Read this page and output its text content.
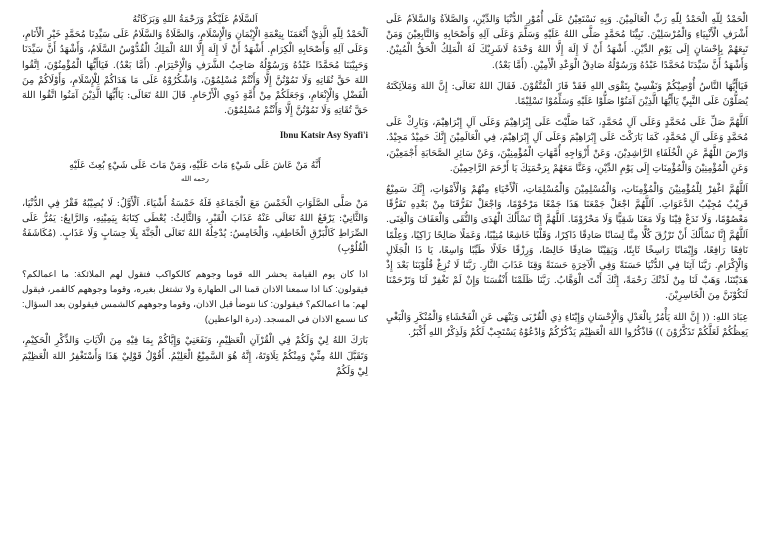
الْحَمْدُ لِلّهِ الْحَمْدُ لِلّهِ رَبِّ الْعَالَمِيْنَ. وَبِهِ نَسْتَعِيْنُ عَلَى أُمُوْرِ الدُّنْيَا وَالدِّيْنِ، وَالصَّلاَةُ وَالسَّلاَمُ عَلَى أَشْرَفِ الْأَنْبِيَاءِ وَالْمُرْسَلِيْنَ. نَبِيِّنَا مُحَمَّدٍ صَلَّى اللهُ عَلَيْهِ وَسَلَّمَ وَعَلَى آلِهِ وَأَصْحَابِهِ وَالتَّابِعِيْنَ وَمَنْ تَبِعَهُمْ بِإِحْسَانٍ إِلَى يَوْمِ الدِّيْنِ. أَشْهَدُ أَنْ لَا إِلَهَ إِلَّا اللهُ وَحْدَهُ لَاشَرِيْكَ لَهُ الْمَلِكُ الْحَقُّ الْمُبِيْنُ. وَأَشْهَدُ أَنَّ سَيِّدَنَا مُحَمَّدًا عَبْدُهُ وَرَسُوْلُهُ صَادِقُ الْوَعْدِ الْأَمِيْنِ. (أَمَّا بَعْدُ).

فَيَاأَيُّهَا النَّاسُ أُوْصِيْكُمْ وَنَفْسِيْ بِتَقْوَى اللهِ فَقَدْ فَازَ الْمُتَّقُوْنَ. فَقَالَ اللهُ تَعَالَى: إِنَّ اللهَ وَمَلاَئِكَتَهُ يُصَلُّوْنَ عَلَى النَّبِيِّ يَاأَيُّهَا الَّذِيْنَ آمَنُوْا صَلُّوْا عَلَيْهِ وَسَلِّمُوْا تَسْلِيْمًا.

اَللَّهُمَّ صَلِّ عَلَى مُحَمَّدٍ وَعَلَى آلِ مُحَمَّدٍ، كَمَا صَلَّيْتَ عَلَى إِبْرَاهِيْمَ وَعَلَى آلِ إِبْرَاهِيْمَ، وَبَارِكْ عَلَى مُحَمَّدٍ وَعَلَى آلِ مُحَمَّدٍ، كَمَا بَارَكْتَ عَلَى إِبْرَاهِيْمَ وَعَلَى آلِ إِبْرَاهِيْمَ، فِي الْعَالَمِيْنَ إِنَّكَ حَمِيْدٌ مَجِيْدٌ. وَارْضَ اللَّهُمَّ عَنِ الْخُلَفَاءِ الرَّاشِدِيْنَ، وَعَنْ أَزْوَاجِهِ أُمَّهَاتِ الْمُؤْمِنِيْنَ، وَعَنْ سَائِرِ الصَّحَابَةِ أَجْمَعِيْنَ، وَعَنِ الْمُؤْمِنِيْنَ وَالْمُؤْمِنَاتِ إِلَى يَوْمِ الدِّيْنِ، وَعَنَّا مَعَهُمْ بِرَحْمَتِكَ يَا أَرْحَمَ الرَّاحِمِيْنَ.

اَللَّهُمَّ اغْفِرْ لِلْمُؤْمِنِيْنَ وَالْمُؤْمِنَاتِ، وَالْمُسْلِمِيْنَ وَالْمُسْلِمَاتِ، اَلْأَحْيَاءِ مِنْهُمْ وَالْأَمْوَاتِ، إِنَّكَ سَمِيْعٌ قَرِيْبٌ مُجِيْبُ الدَّعَوَاتِ. اَللَّهُمَّ اجْعَلْ جَمْعَنَا هَذَا جَمْعًا مَرْحُوْمًا، وَاجْعَلْ تَفَرُّقَنَا مِنْ بَعْدِهِ تَفَرُّقًا مَعْصُوْمًا، وَلَا تَدَعْ فِيْنَا وَلَا مَعَنَا شَقِيًّا وَلَا مَحْرُوْمًا. اَللَّهُمَّ إِنَّا نَسْأَلُكَ الْهُدَى وَالتُّقَى وَالْعَفَافَ وَالْغِنَى. اَللَّهُمَّ إِنَّا نَسْأَلُكَ أَنْ تَرْزُقَ كُلًّا مِنَّا لِسَانًا صَادِقًا ذَاكِرًا، وَقَلْبًا خَاشِعًا مُنِيْبًا، وَعَمَلًا صَالِحًا زَاكِيًا، وَعِلْمًا نَافِعًا رَافِعًا، وَإِيْمَانًا رَاسِخًا ثَابِتًا، وَيَقِيْنًا صَادِقًا خَالِصًا، وَرِزْقًا حَلَالًا طَيِّبًا وَاسِعًا، يَا ذَا الْجَلَالِ وَالْإِكْرَامِ. رَبَّنَا آتِنَا فِي الدُّنْيَا حَسَنَةً وَفِي الْآخِرَةِ حَسَنَةً وَقِنَا عَذَابَ النَّارِ. رَبَّنَا لَا تُزِغْ قُلُوْبَنَا بَعْدَ إِذْ هَدَيْتَنَا، وَهَبْ لَنَا مِنْ لَدُنْكَ رَحْمَةً، إِنَّكَ أَنْتَ الْوَهَّابُ. رَبَّنَا ظَلَمْنَا أَنْفُسَنَا وَإِنْ لَمْ تَغْفِرْ لَنَا وَتَرْحَمْنَا لَنَكُوْنَنَّ مِنَ الْخَاسِرِيْنَ.

عِبَادَ اللهِ: (( إِنَّ اللهَ يَأْمُرُ بِالْعَدْلِ وَالْإِحْسَانِ وَإِيْتَاءِ ذِي الْقُرْبَى وَيَنْهَى عَنِ الْفَحْشَاءِ وَالْمُنْكَرِ وَالْبَغْيِ يَعِظُكُمْ لَعَلَّكُمْ تَذَكَّرُوْنَ )) فَاذْكُرُوا اللهَ الْعَظِيْمَ يَذْكُرْكُمْ وَادْعُوْهُ يَسْتَجِبْ لَكُمْ وَلَذِكْرُ اللهِ أَكْبَرُ.

اَلسَّلَامُ عَلَيْكُمْ وَرَحْمَةُ اللهِ وَبَرَكَاتُهُ

اَلْحَمْدُ لِلّهِ الَّذِيْ أَنْعَمَنَا بِنِعْمَةِ الْإِيْمَانِ وَالْإِسْلَامِ، وَالصَّلَاةُ وَالسَّلَامُ عَلَى سَيِّدِنَا مُحَمَّدٍ خَيْرِ الْأَنَامِ، وَعَلَى آلِهِ وَأَصْحَابِهِ الْكِرَامِ. أَشْهَدُ أَنْ لَا إِلَهَ إِلَّا اللهُ الْمَلِكُ الْقُدُّوْسُ السَّلَامُ، وَأَشْهَدُ أَنَّ سَيِّدَنَا وَحَبِيْبَنَا مُحَمَّدًا عَبْدُهُ وَرَسُوْلُهُ صَاحِبُ الشَّرَفِ وَالْإِحْتِرَامِ. (أَمَّا بَعْدُ). فَيَاأَيُّهَا الْمُؤْمِنُوْنَ، اِتَّقُوا اللهَ حَقَّ تُقَاتِهِ وَلَا تَمُوْتُنَّ إِلَّا وَأَنْتُمْ مُسْلِمُوْنَ، وَاشْكُرُوْهُ عَلَى مَا هَدَاكُمْ لِلْإِسْلَامِ، وَأَوْلَاكُمْ مِنَ الْفَضْلِ وَالْإِنْعَامِ، وَجَعَلَكُمْ مِنْ أُمَّةٍ ذَوِي الْأَرْحَامِ. قَالَ اللهُ تَعَالَى: يَاأَيُّهَا الَّذِيْنَ آمَنُوا اتَّقُوا اللهَ حَقَّ تُقَاتِهِ وَلَا تَمُوْتُنَّ إِلَّا وَأَنْتُمْ مُسْلِمُوْنَ.

Ibnu Katsir Asy Syafi'i

أَنَّهُ مَنْ عَاشَ عَلَى شَيْءٍ مَاتَ عَلَيْهِ، وَمَنْ مَاتَ عَلَى شَيْءٍ بُعِثَ عَلَيْهِ

رحمه الله

مَنْ صَلَّى الصَّلَوَاتِ الْخَمْسَ مَعَ الْجَمَاعَةِ فَلَهُ خَمْسَةُ أَشْيَاءَ. اَلْأَوَّلُ: لَا يُصِيْبُهُ فَقْرٌ فِي الدُّنْيَا، وَالثَّانِيْ: يَرْفَعُ اللهُ تَعَالَى عَنْهُ عَذَابَ الْقَبْرِ، وَالثَّالِثُ: يُعْطَى كِتَابَهُ بِيَمِيْنِهِ، وَالرَّابِعُ: يَمُرُّ عَلَى الصِّرَاطِ كَالْبَرْقِ الْخَاطِفِ، وَالْخَامِسُ: يُدْخِلُهُ اللهُ تَعَالَى الْجَنَّةَ بِلَا حِسَابٍ وَلَا عَذَابٍ. (مُكَاشَفَةُ الْقُلُوْبِ)

اذا كان يوم القيامة يحشر الله قوما وجوهم كالكواكب فتقول لهم الملائكة: ما اعمالكم؟ فيقولون: كنا اذا سمعنا الاذان قمنا الى الطهارة ولا تشتغل بغيره، وقوما وجوههم كالقمر، فيقول لهم: ما اعمالكم؟ فيقولون: كنا نتوضأ قبل الاذان، وقوما وجوههم كالشمس فيقولون بعد السؤال: كنا نسمع الاذان في المسجد. (درة الواعظين)

بَارَكَ اللهُ لِيْ وَلَكُمْ فِي الْقُرْآنِ الْعَظِيْمِ، وَنَفَعَنِيْ وَإِيَّاكُمْ بِمَا فِيْهِ مِنَ الْآيَاتِ وَالذِّكْرِ الْحَكِيْمِ، وَتَقَبَّلَ اللهُ مِنِّيْ وَمِنْكُمْ تِلَاوَتَهُ، إِنَّهُ هُوَ السَّمِيْعُ الْعَلِيْمُ. أَقُوْلُ قَوْلِيْ هَذَا وَأَسْتَغْفِرُ اللهَ الْعَظِيْمَ لِيْ وَلَكُمْ
